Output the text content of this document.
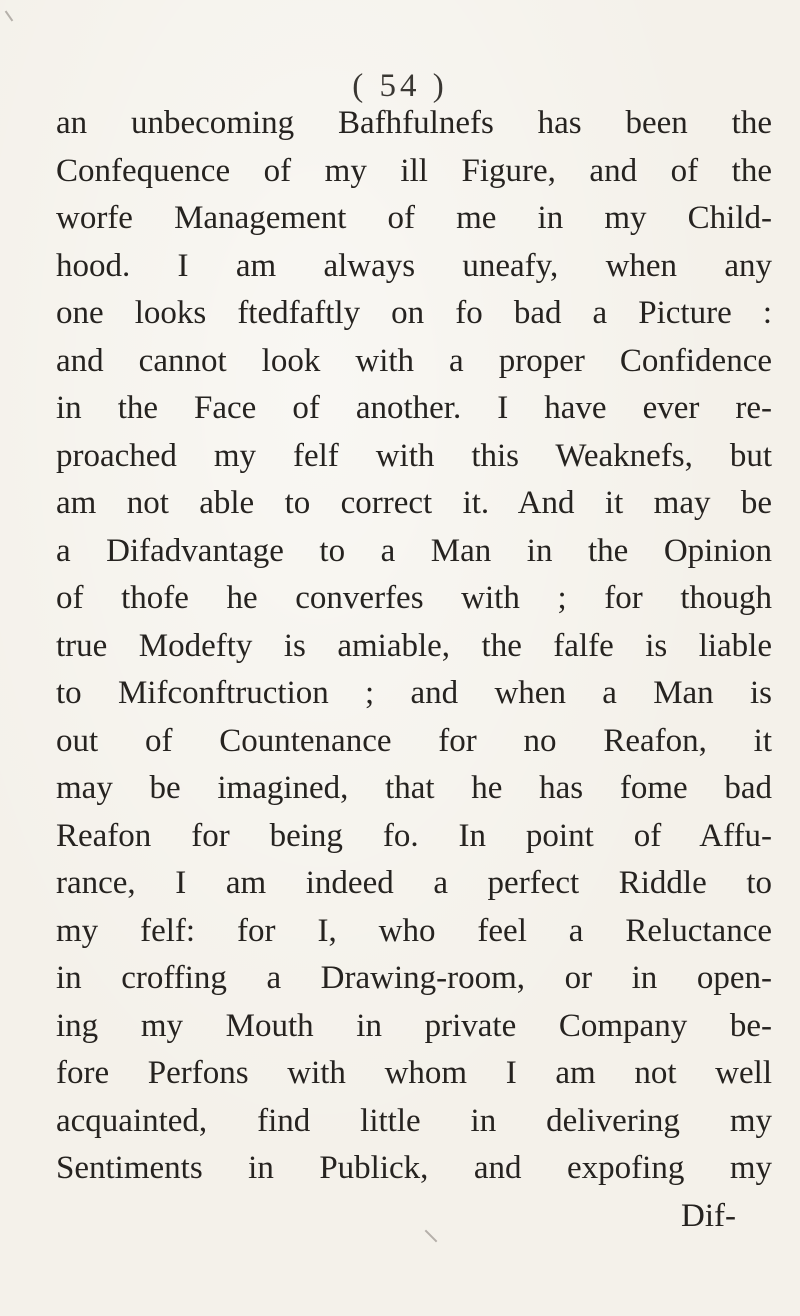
( 54 )
an unbecoming Bafhfulnefs has been the
Confequence of my ill Figure, and of the
worfe Management of me in my Child-
hood. I am always uneafy, when any
one looks ftedfaftly on fo bad a Picture :
and cannot look with a proper Confidence
in the Face of another. I have ever re-
proached my felf with this Weaknefs, but
am not able to correct it. And it may be
a Difadvantage to a Man in the Opinion
of thofe he converfes with ; for though
true Modefty is amiable, the falfe is liable
to Mifconftruction ; and when a Man is
out of Countenance for no Reafon, it
may be imagined, that he has fome bad
Reafon for being fo. In point of Affu-
rance, I am indeed a perfect Riddle to
my felf: for I, who feel a Reluctance
in croffing a Drawing-room, or in open-
ing my Mouth in private Company be-
fore Perfons with whom I am not well
acquainted, find little in delivering my
Sentiments in Publick, and expofing my
Dif-
